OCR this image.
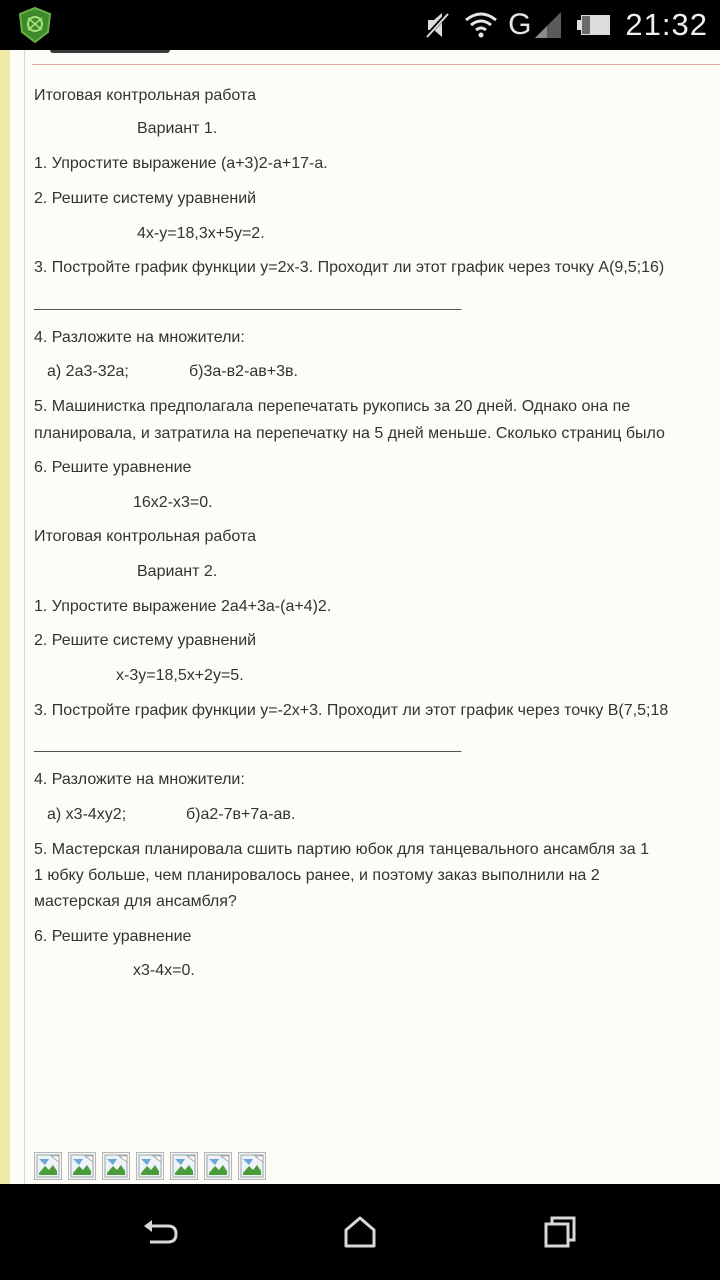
G	21:32
Итоговая контрольная работа
Вариант 1.
1. Упростите выражение (а+3)2-а+17-а.
2. Решите систему уравнений
4х-у=18,3х+5у=2.
3. Постройте график функции у=2х-3. Проходит ли этот график через точку А(9,5;16)
________________________________________________
4. Разложите на множители:
а) 2а3-32а;	б)3а-в2-ав+3в.
5. Машинистка предполагала перепечатать рукопись за 20 дней. Однако она пе
планировала, и затратила на перепечатку на 5 дней меньше. Сколько страниц было
6. Решите уравнение
16х2-х3=0.
Итоговая контрольная работа
Вариант 2.
1. Упростите выражение 2а4+3а-(а+4)2.
2. Решите систему уравнений
х-3у=18,5х+2у=5.
3. Постройте график функции у=-2х+3. Проходит ли этот график через точку В(7,5;18
________________________________________________
4. Разложите на множители:
а) х3-4ху2;	б)а2-7в+7а-ав.
5. Мастерская планировала сшить партию юбок для танцевального ансамбля за 1
1 юбку больше, чем планировалось ранее, и поэтому заказ выполнили на 2
мастерская для ансамбля?
6. Решите уравнение
х3-4х=0.
